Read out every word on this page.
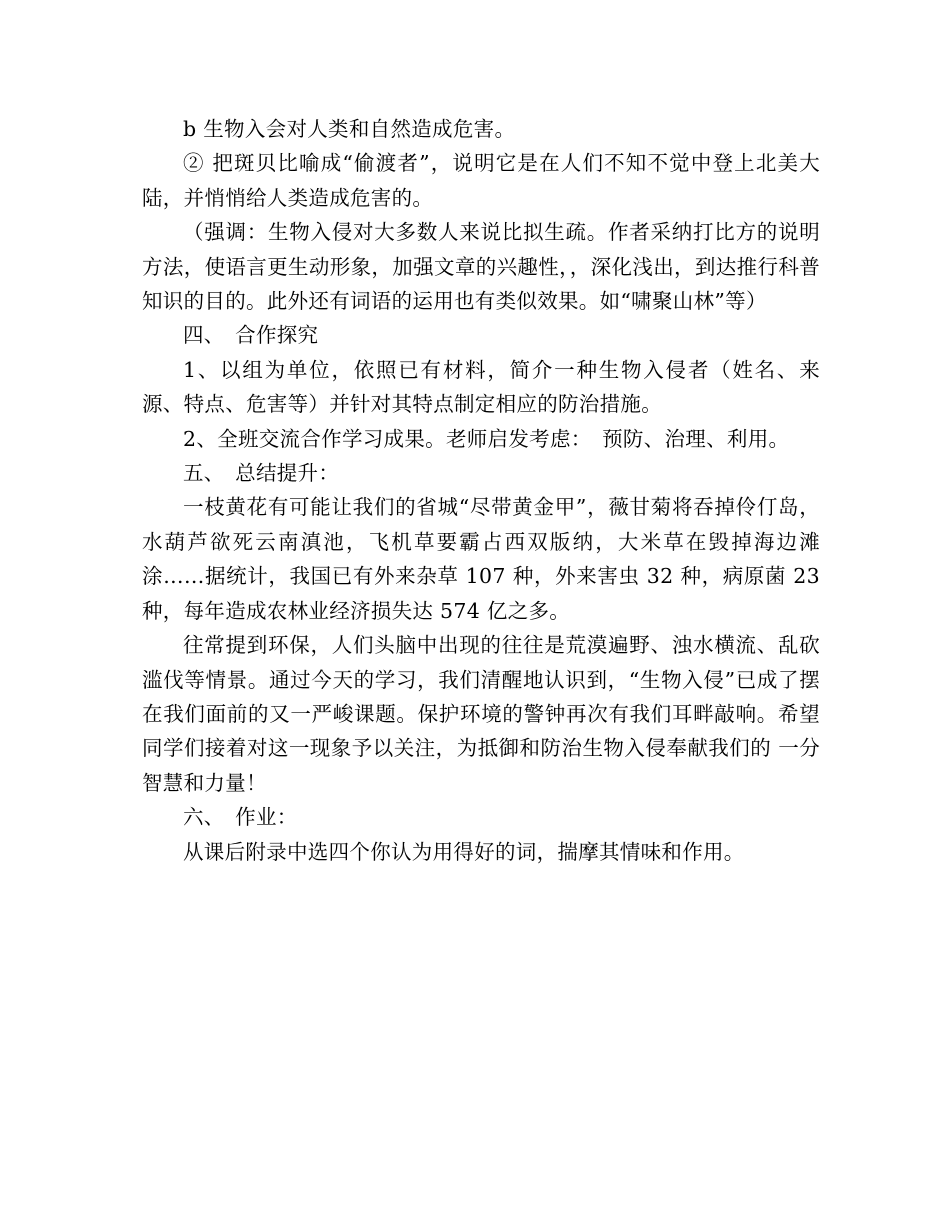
b 生物入会对人类和自然造成危害。

② 把斑贝比喻成“偷渡者”，说明它是在人们不知不觉中登上北美大陆，并悄悄给人类造成危害的。

（强调：生物入侵对大多数人来说比拟生疏。作者采纳打比方的说明方法，使语言更生动形象，加强文章的兴趣性，，深化浅出，到达推行科普知识的目的。此外还有词语的运用也有类似效果。如“啸聚山林”等）

四、　合作探究

1、以组为单位，依照已有材料，简介一种生物入侵者（姓名、来源、特点、危害等）并针对其特点制定相应的防治措施。

2、全班交流合作学习成果。老师启发考虑：　预防、治理、利用。

五、　总结提升：

一枝黄花有可能让我们的省城“尽带黄金甲”，薇甘菊将吞掉伶仃岛，水葫芦欲死云南滇池，飞机草要霸占西双版纳，大米草在毁掉海边滩涂……据统计，我国已有外来杂草 107 种，外来害虫 32 种，病原菌 23 种，每年造成农林业经济损失达 574 亿之多。

往常提到环保，人们头脑中出现的往往是荒漠遍野、浊水横流、乱砍滥伐等情景。通过今天的学习，我们清醒地认识到，“生物入侵”已成了摆在我们面前的又一严峻课题。保护环境的警钟再次有我们耳畔敲响。希望同学们接着对这一现象予以关注，为抵御和防治生物入侵奉献我们的 一分智慧和力量！

六、　作业：

从课后附录中选四个你认为用得好的词，揣摩其情味和作用。
